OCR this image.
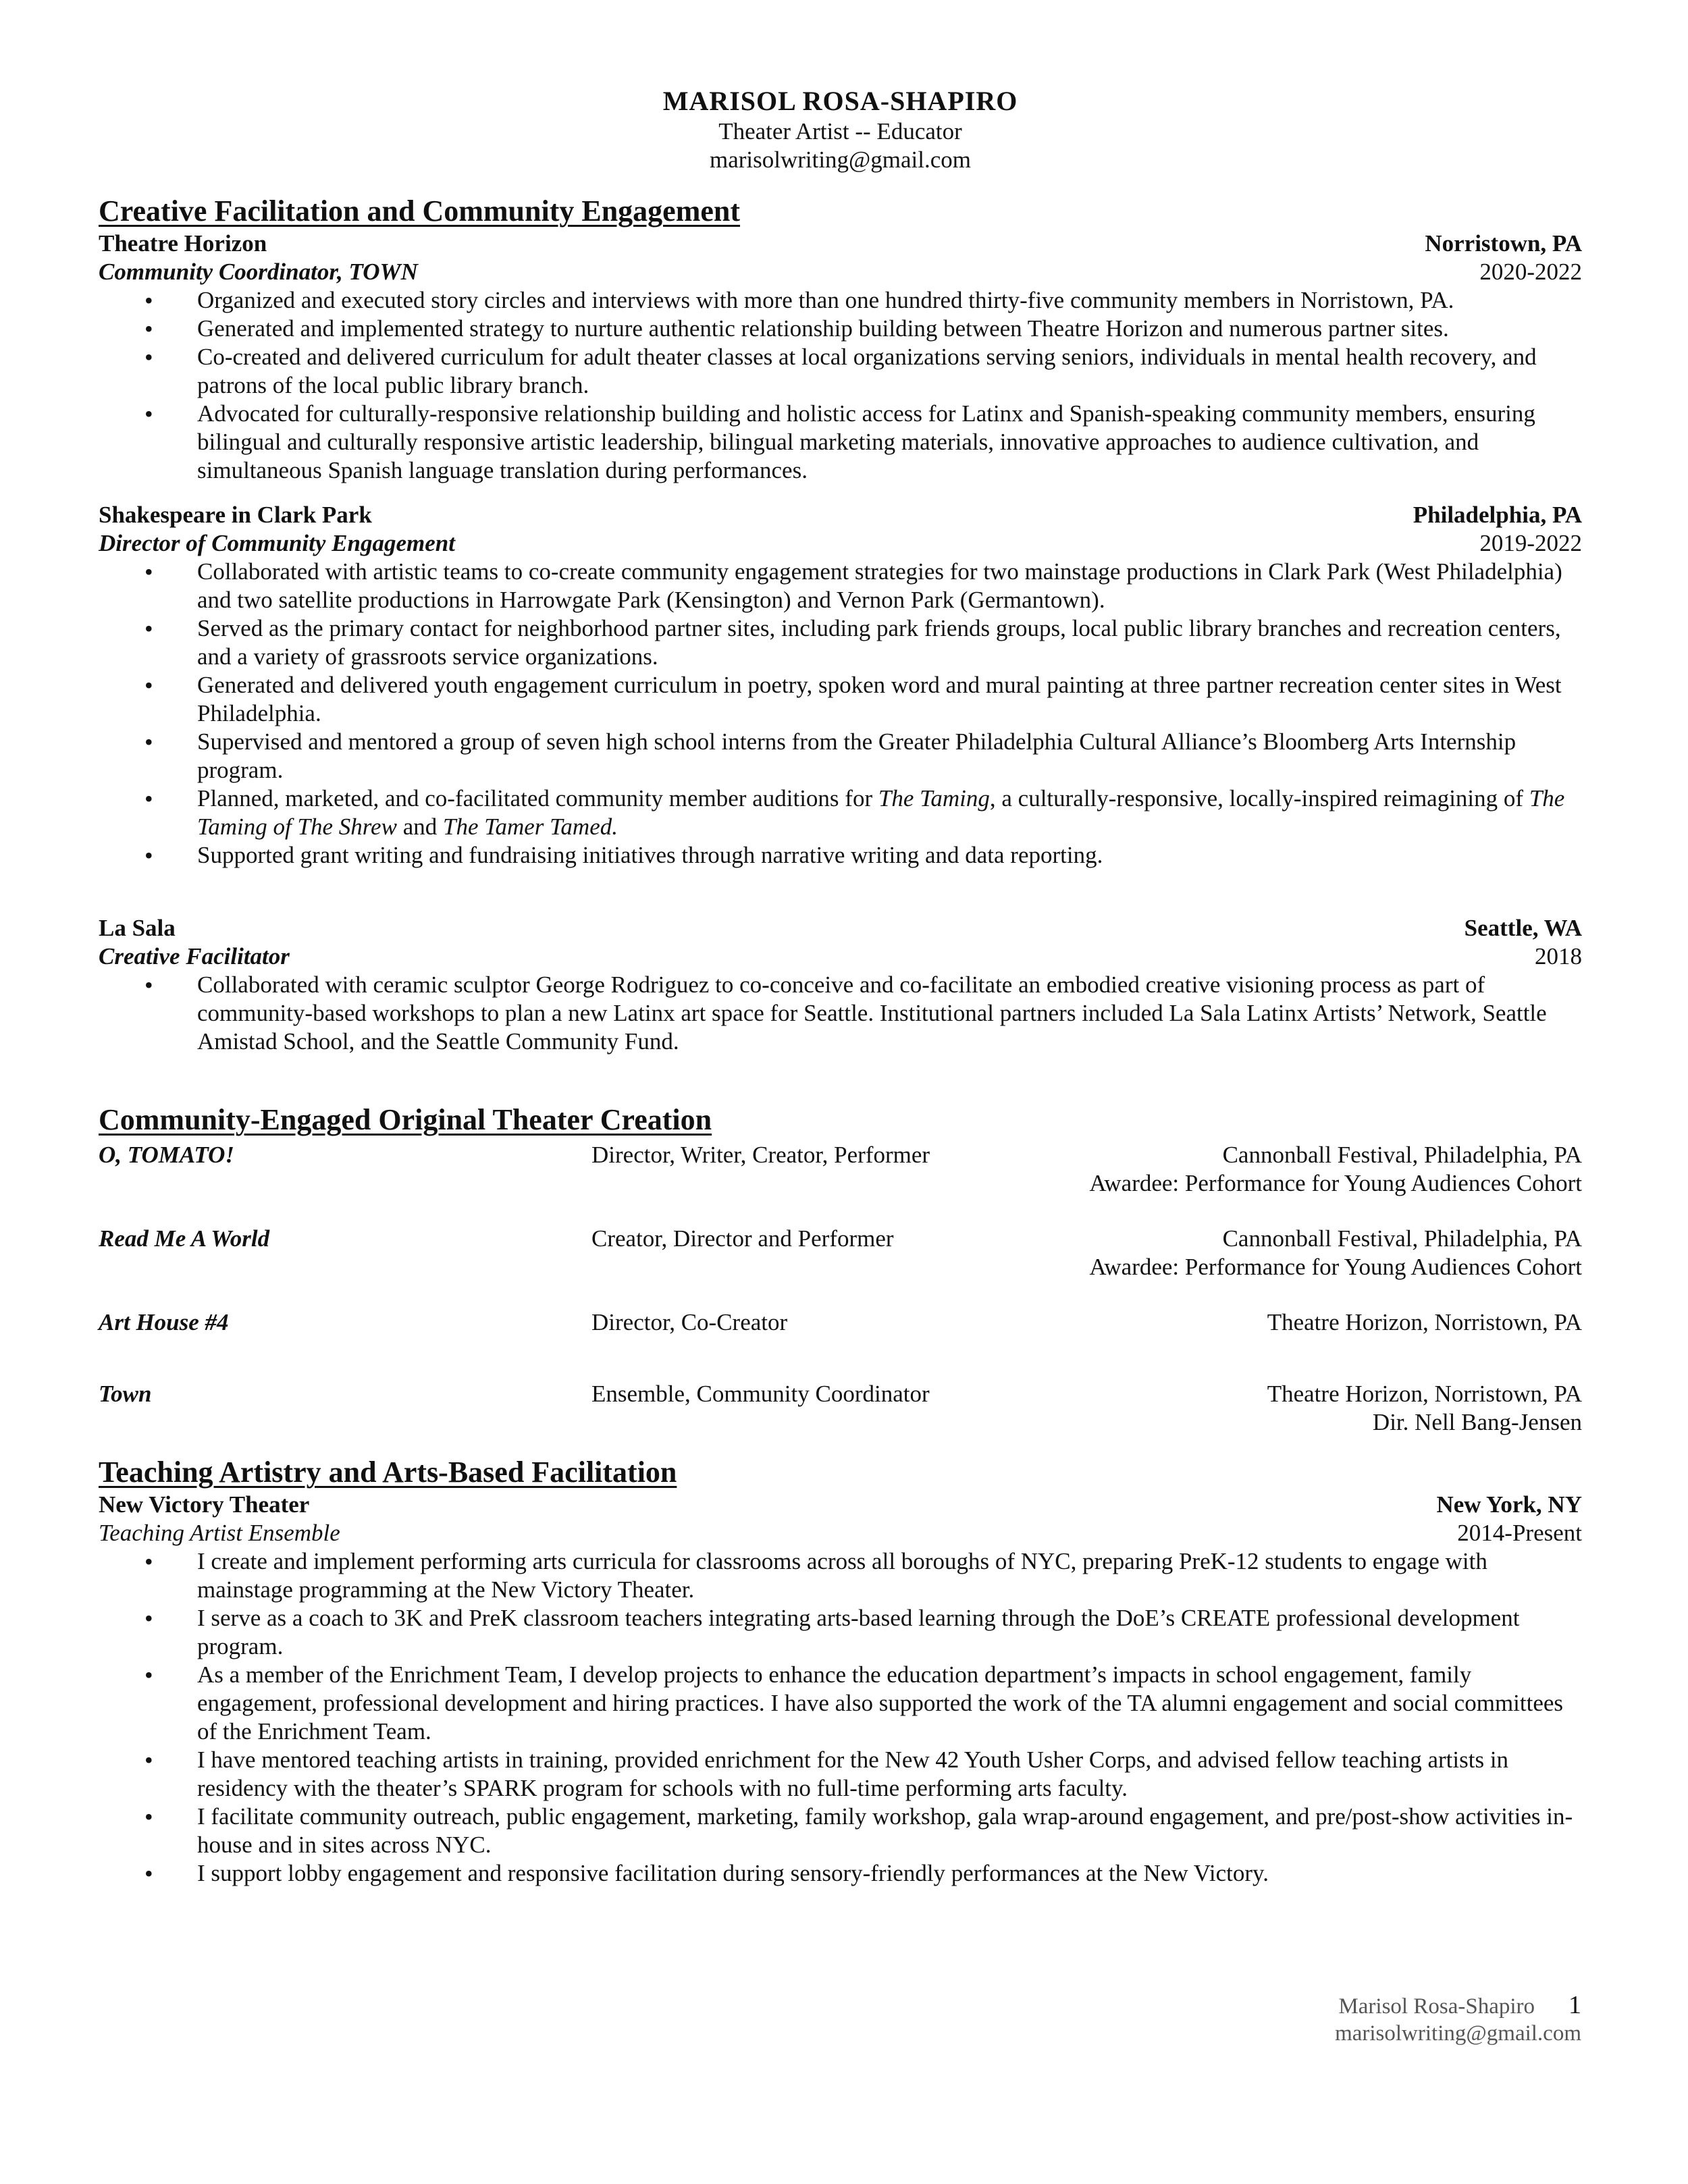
MARISOL ROSA-SHAPIRO
Theater Artist -- Educator
marisolwriting@gmail.com
Creative Facilitation and Community Engagement
Theatre Horizon	Norristown, PA
Community Coordinator, TOWN	2020-2022
• Organized and executed story circles and interviews with more than one hundred thirty-five community members in Norristown, PA.
• Generated and implemented strategy to nurture authentic relationship building between Theatre Horizon and numerous partner sites.
• Co-created and delivered curriculum for adult theater classes at local organizations serving seniors, individuals in mental health recovery, and patrons of the local public library branch.
• Advocated for culturally-responsive relationship building and holistic access for Latinx and Spanish-speaking community members, ensuring bilingual and culturally responsive artistic leadership, bilingual marketing materials, innovative approaches to audience cultivation, and simultaneous Spanish language translation during performances.
Shakespeare in Clark Park	Philadelphia, PA
Director of Community Engagement	2019-2022
• Collaborated with artistic teams to co-create community engagement strategies for two mainstage productions in Clark Park (West Philadelphia) and two satellite productions in Harrowgate Park (Kensington) and Vernon Park (Germantown).
• Served as the primary contact for neighborhood partner sites, including park friends groups, local public library branches and recreation centers, and a variety of grassroots service organizations.
• Generated and delivered youth engagement curriculum in poetry, spoken word and mural painting at three partner recreation center sites in West Philadelphia.
• Supervised and mentored a group of seven high school interns from the Greater Philadelphia Cultural Alliance’s Bloomberg Arts Internship program.
• Planned, marketed, and co-facilitated community member auditions for The Taming, a culturally-responsive, locally-inspired reimagining of The Taming of The Shrew and The Tamer Tamed.
• Supported grant writing and fundraising initiatives through narrative writing and data reporting.
La Sala	Seattle, WA
Creative Facilitator	2018
• Collaborated with ceramic sculptor George Rodriguez to co-conceive and co-facilitate an embodied creative visioning process as part of community-based workshops to plan a new Latinx art space for Seattle. Institutional partners included La Sala Latinx Artists’ Network, Seattle Amistad School, and the Seattle Community Fund.
Community-Engaged Original Theater Creation
O, TOMATO!	Director, Writer, Creator, Performer	Cannonball Festival, Philadelphia, PA
Awardee: Performance for Young Audiences Cohort
Read Me A World	Creator, Director and Performer	Cannonball Festival, Philadelphia, PA
Awardee: Performance for Young Audiences Cohort
Art House #4	Director, Co-Creator	Theatre Horizon, Norristown, PA
Town	Ensemble, Community Coordinator	Theatre Horizon, Norristown, PA
Dir. Nell Bang-Jensen
Teaching Artistry and Arts-Based Facilitation
New Victory Theater	New York, NY
Teaching Artist Ensemble	2014-Present
• I create and implement performing arts curricula for classrooms across all boroughs of NYC, preparing PreK-12 students to engage with mainstage programming at the New Victory Theater.
• I serve as a coach to 3K and PreK classroom teachers integrating arts-based learning through the DoE’s CREATE professional development program.
• As a member of the Enrichment Team, I develop projects to enhance the education department’s impacts in school engagement, family engagement, professional development and hiring practices. I have also supported the work of the TA alumni engagement and social committees of the Enrichment Team.
• I have mentored teaching artists in training, provided enrichment for the New 42 Youth Usher Corps, and advised fellow teaching artists in residency with the theater’s SPARK program for schools with no full-time performing arts faculty.
• I facilitate community outreach, public engagement, marketing, family workshop, gala wrap-around engagement, and pre/post-show activities in-house and in sites across NYC.
• I support lobby engagement and responsive facilitation during sensory-friendly performances at the New Victory.
Marisol Rosa-Shapiro 1
marisolwriting@gmail.com
